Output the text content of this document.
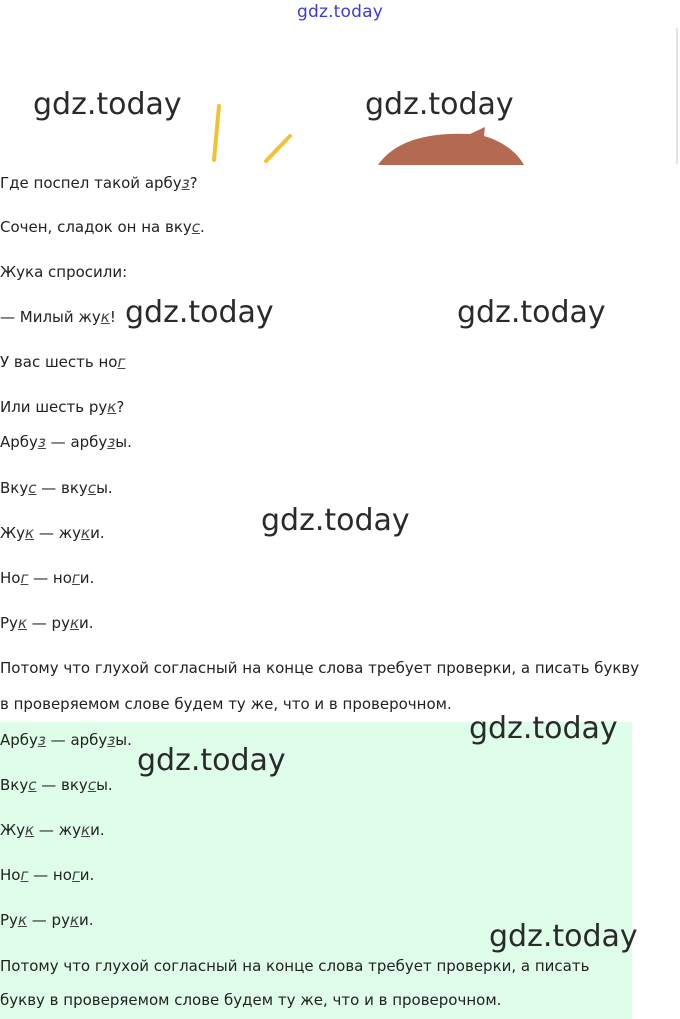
gdz.today
gdz.today	gdz.today
gdz.today	gdz.today
gdz.today
Где поспел такой арбуз?
Сочен, сладок он на вкус.
Жука спросили:
— Милый жук!
У вас шесть ног
Или шесть рук?
Арбуз — арбузы.
Вкус — вкусы.
Жук — жуки.
Ног — ноги.
Рук — руки.
Потому что глухой согласный на конце слова требует проверки, а писать букву
в проверяемом слове будем ту же, что и в проверочном.
Арбуз — арбузы.
Вкус — вкусы.
Жук — жуки.
Ног — ноги.
Рук — руки.
Потому что глухой согласный на конце слова требует проверки, а писать
букву в проверяемом слове будем ту же, что и в проверочном.
gdz.today
gdz.today
gdz.today
